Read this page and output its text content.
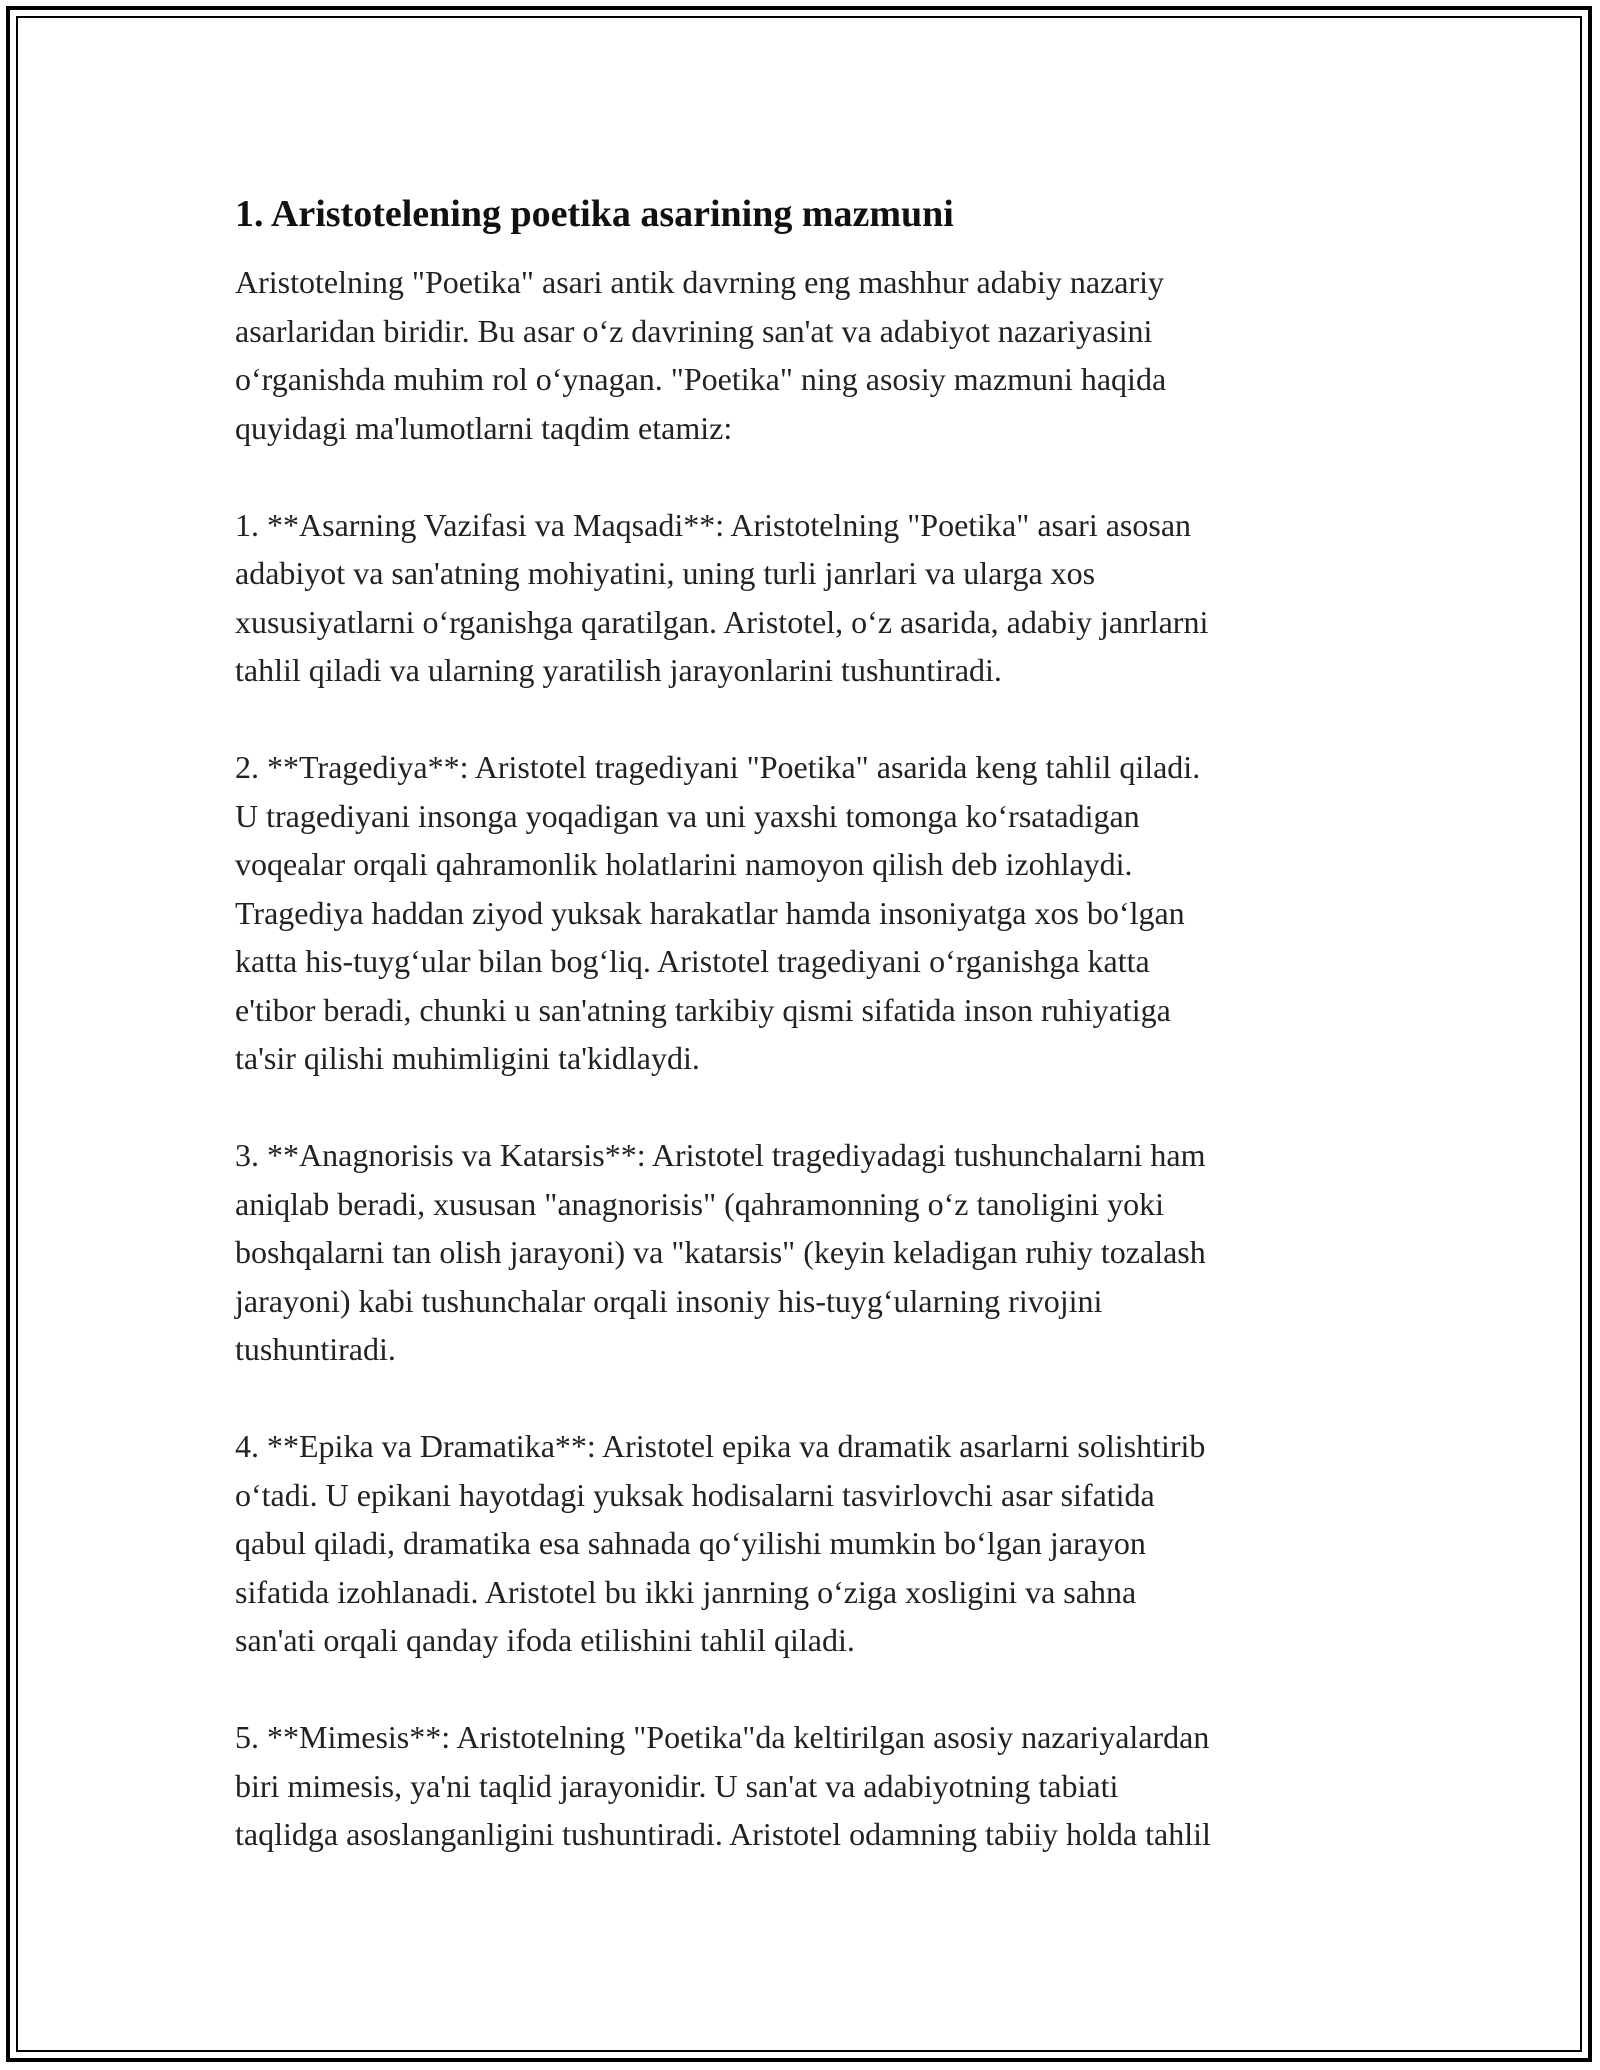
1. Aristotelening poetika asarining mazmuni

Aristotelning "Poetika" asari antik davrning eng mashhur adabiy nazariy
asarlaridan biridir. Bu asar oʻz davrining san'at va adabiyot nazariyasini
oʻrganishda muhim rol oʻynagan. "Poetika" ning asosiy mazmuni haqida
quyidagi ma'lumotlarni taqdim etamiz:

1. **Asarning Vazifasi va Maqsadi**: Aristotelning "Poetika" asari asosan
adabiyot va san'atning mohiyatini, uning turli janrlari va ularga xos
xususiyatlarni oʻrganishga qaratilgan. Aristotel, oʻz asarida, adabiy janrlarni
tahlil qiladi va ularning yaratilish jarayonlarini tushuntiradi.

2. **Tragediya**: Aristotel tragediyani "Poetika" asarida keng tahlil qiladi.
U tragediyani insonga yoqadigan va uni yaxshi tomonga koʻrsatadigan
voqealar orqali qahramonlik holatlarini namoyon qilish deb izohlaydi.
Tragediya haddan ziyod yuksak harakatlar hamda insoniyatga xos boʻlgan
katta his-tuygʻular bilan bogʻliq. Aristotel tragediyani oʻrganishga katta
e'tibor beradi, chunki u san'atning tarkibiy qismi sifatida inson ruhiyatiga
ta'sir qilishi muhimligini ta'kidlaydi.

3. **Anagnorisis va Katarsis**: Aristotel tragediyadagi tushunchalarni ham
aniqlab beradi, xususan "anagnorisis" (qahramonning oʻz tanoligini yoki
boshqalarni tan olish jarayoni) va "katarsis" (keyin keladigan ruhiy tozalash
jarayoni) kabi tushunchalar orqali insoniy his-tuygʻularning rivojini
tushuntiradi.

4. **Epika va Dramatika**: Aristotel epika va dramatik asarlarni solishtirib
oʻtadi. U epikani hayotdagi yuksak hodisalarni tasvirlovchi asar sifatida
qabul qiladi, dramatika esa sahnada qoʻyilishi mumkin boʻlgan jarayon
sifatida izohlanadi. Aristotel bu ikki janrning oʻziga xosligini va sahna
san'ati orqali qanday ifoda etilishini tahlil qiladi.

5. **Mimesis**: Aristotelning "Poetika"da keltirilgan asosiy nazariyalardan
biri mimesis, ya'ni taqlid jarayonidir. U san'at va adabiyotning tabiati
taqlidga asoslanganligini tushuntiradi. Aristotel odamning tabiiy holda tahlil
